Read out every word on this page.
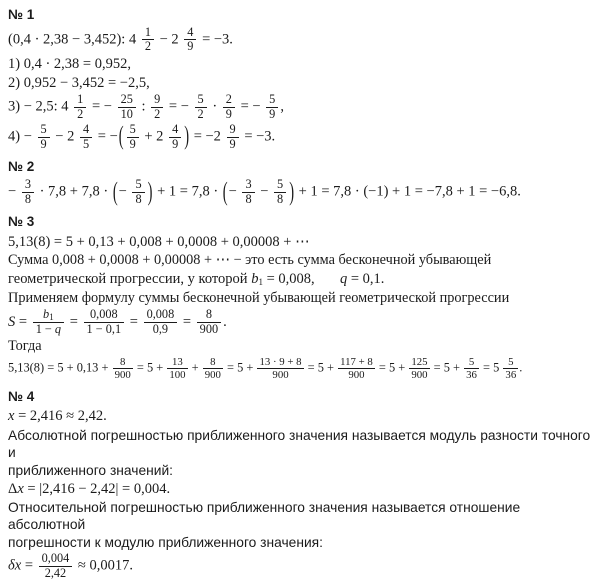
№ 1
(0,4 · 2,38 − 3,452): $4 \frac{1}{2} - 2 \frac{4}{9} = -3$.
1) 0,4 · 2,38 = 0,952,
2) 0,952 − 3,452 = −2,5,
3) − 2,5: $4 \frac{1}{2}$ = − $\frac{25}{10}$ : $\frac{9}{2}$ = − $\frac{5}{2} \cdot \frac{2}{9}$ = − $\frac{5}{9}$ ,
$4) - \frac{5}{9} - 2 \frac{4}{5}$ = −( $\frac{5}{9} + 2 \frac{4}{9}$ ) = $-2 \frac{9}{9} = -3$.
№ 2
− $\frac{3}{8} \cdot 7,8 + 7,8$ · (− $\frac{5}{8}$ ) + 1 = 7,8 · (− $\frac{3}{8} - \frac{5}{8}$ ) + 1 = 7,8 · (−1) + 1 = −7,8 + 1 = −6,8.
№ 3
5,13(8) = 5 + 0,13 + 0,008 + 0,0008 + 0,00008 + ⋯
Сумма 0,008 + 0,0008 + 0,00008 + ⋯ − это есть сумма бесконечной убывающей
геометрической прогрессии, у которой b1 = 0,008, q = 0,1.
Применяем формулу суммы бесконечной убывающей геометрической прогрессии
$S = \frac{b1}{1 - q} = \frac{0,008}{1 - 0,1} = \frac{0,008}{0,9} = \frac{8}{900}$ .
Тогда
$5,13(8) = 5 + 0,13 + \frac{8}{900} = 5 + \frac{13}{100} + \frac{8}{900} = 5 + \frac{13 \cdot 9 + 8}{900} = 5 + \frac{117 + 8}{900} = 5 + \frac{125}{900} = 5 + \frac{5}{36} = 5 \frac{5}{36}$ .
№ 4
x = 2,416 ≈ 2,42.
Абсолютной погрешностью приближенного значения называется модуль разности точного и
приближенного значений:
Δx = |2,416 − 2,42| = 0,004.
Относительной погрешностью приближенного значения называется отношение абсолютной
погрешности к модулю приближенного значения:
$\delta x = \frac{0,004}{2,42} \approx 0,0017$.
